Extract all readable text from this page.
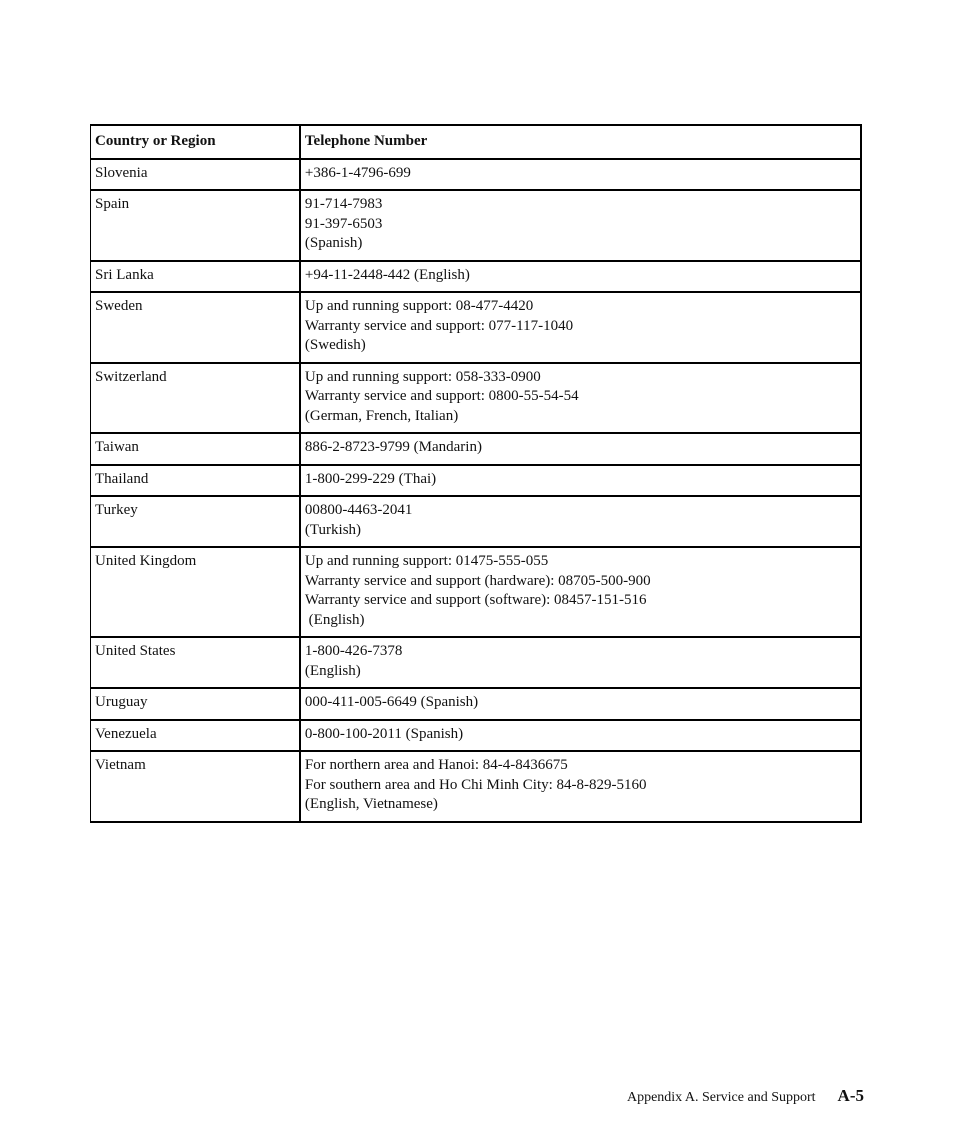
Country or Region	Telephone Number
Slovenia	+386-1-4796-699

Spain	91-714-7983
91-397-6503
(Spanish)

Sri Lanka	+94-11-2448-442 (English)

Sweden	Up and running support: 08-477-4420
Warranty service and support: 077-117-1040
(Swedish)

Switzerland	Up and running support: 058-333-0900
Warranty service and support: 0800-55-54-54
(German, French, Italian)

Taiwan	886-2-8723-9799 (Mandarin)

Thailand	1-800-299-229 (Thai)

Turkey	00800-4463-2041
(Turkish)

United Kingdom	Up and running support: 01475-555-055
Warranty service and support (hardware): 08705-500-900
Warranty service and support (software): 08457-151-516
(English)

United States	1-800-426-7378
(English)

Uruguay	000-411-005-6649 (Spanish)

Venezuela	0-800-100-2011 (Spanish)

Vietnam	For northern area and Hanoi: 84-4-8436675
For southern area and Ho Chi Minh City: 84-8-829-5160
(English, Vietnamese)
Appendix A. Service and Support A-5
